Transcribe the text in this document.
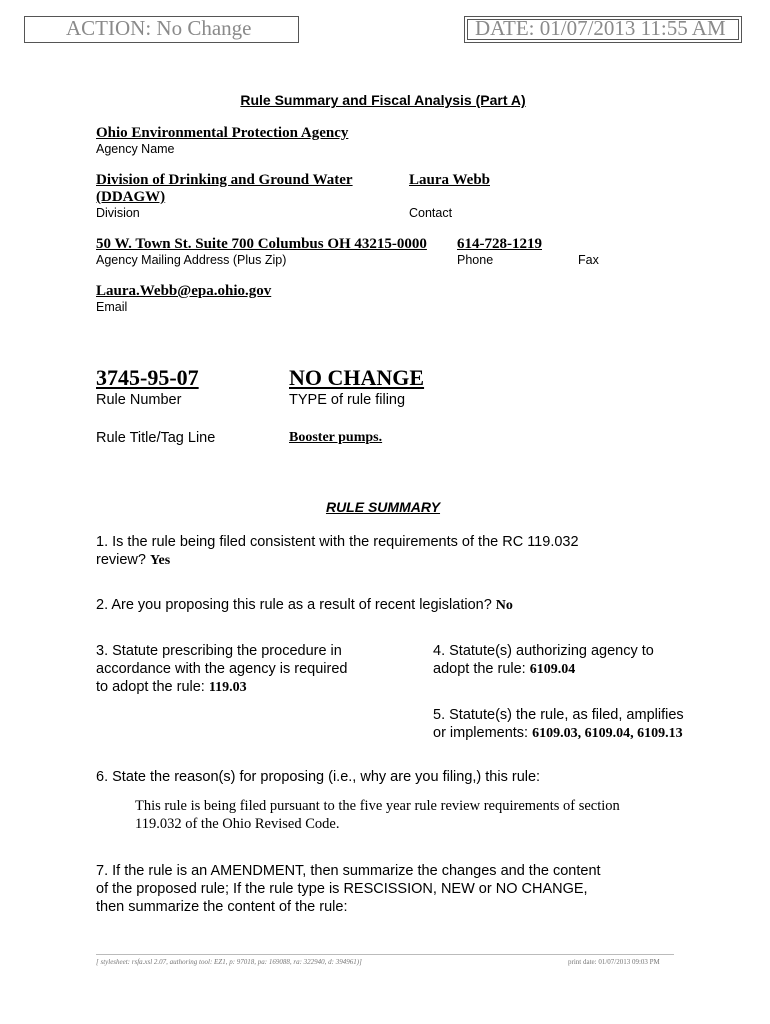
ACTION: No Change	DATE: 01/07/2013 11:55 AM
Rule Summary and Fiscal Analysis (Part A)
Ohio Environmental Protection Agency
Agency Name
Division of Drinking and Ground Water
(DDAGW)
Division
Laura Webb
Contact
50 W. Town St. Suite 700 Columbus OH 43215-0000 614-728-1219
Agency Mailing Address (Plus Zip)	Phone	Fax
Laura.Webb@epa.ohio.gov
Email
3745-95-07
Rule Number
NO CHANGE
TYPE of rule filing
Rule Title/Tag Line	Booster pumps.
RULE SUMMARY
1. Is the rule being filed consistent with the requirements of the RC 119.032
review? Yes
2. Are you proposing this rule as a result of recent legislation? No
3. Statute prescribing the procedure in
accordance with the agency is required
to adopt the rule: 119.03
4. Statute(s) authorizing agency to
adopt the rule: 6109.04
5. Statute(s) the rule, as filed, amplifies
or implements: 6109.03, 6109.04, 6109.13
6. State the reason(s) for proposing (i.e., why are you filing,) this rule:
This rule is being filed pursuant to the five year rule review requirements of section
119.032 of the Ohio Revised Code.
7. If the rule is an AMENDMENT, then summarize the changes and the content
of the proposed rule; If the rule type is RESCISSION, NEW or NO CHANGE,
then summarize the content of the rule:
[ stylesheet: rsfa.xsl 2.07, authoring tool: EZ1, p: 97018, pa: 169088, ra: 322940, d: 394961)]	print date: 01/07/2013 09:03 PM
